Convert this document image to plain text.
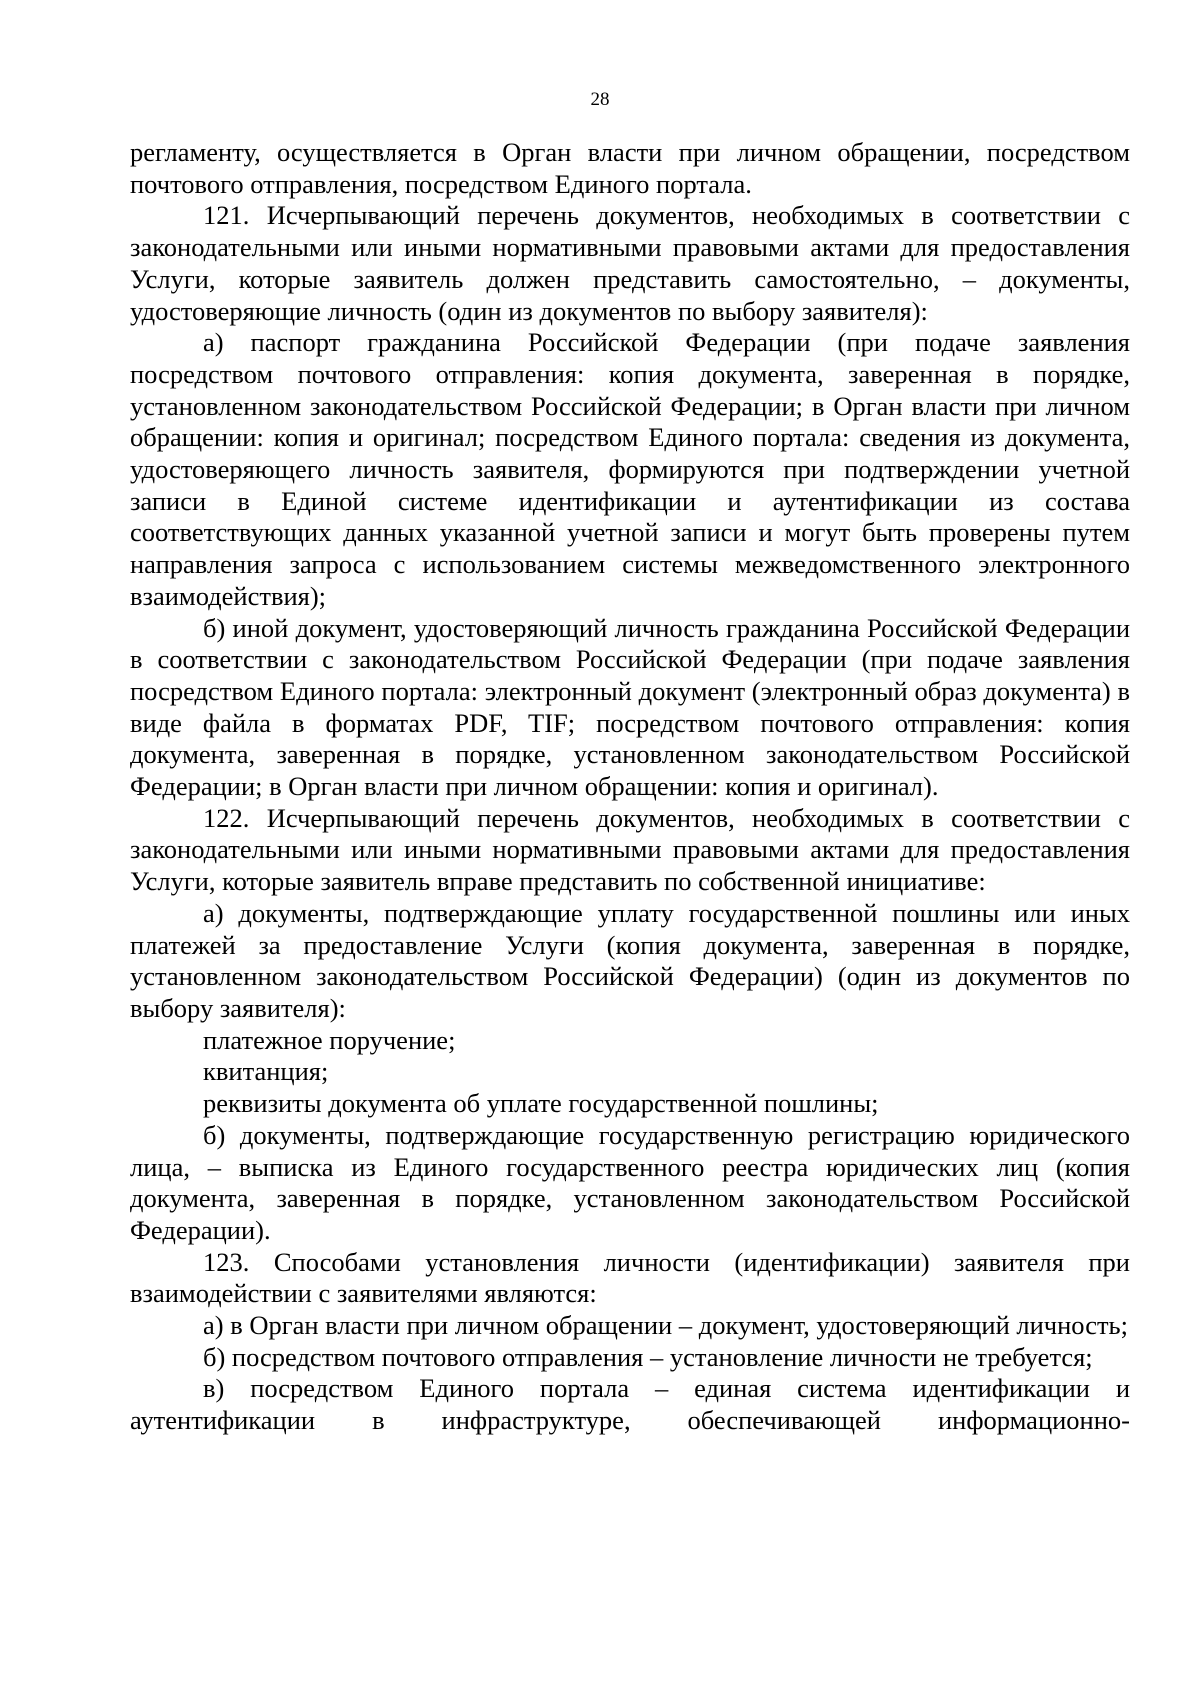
28

регламенту, осуществляется в Орган власти при личном обращении, посредством почтового отправления, посредством Единого портала.

121. Исчерпывающий перечень документов, необходимых в соответствии с законодательными или иными нормативными правовыми актами для предоставления Услуги, которые заявитель должен представить самостоятельно, – документы, удостоверяющие личность (один из документов по выбору заявителя):

а) паспорт гражданина Российской Федерации (при подаче заявления посредством почтового отправления: копия документа, заверенная в порядке, установленном законодательством Российской Федерации; в Орган власти при личном обращении: копия и оригинал; посредством Единого портала: сведения из документа, удостоверяющего личность заявителя, формируются при подтверждении учетной записи в Единой системе идентификации и аутентификации из состава соответствующих данных указанной учетной записи и могут быть проверены путем направления запроса с использованием системы межведомственного электронного взаимодействия);

б) иной документ, удостоверяющий личность гражданина Российской Федерации в соответствии с законодательством Российской Федерации (при подаче заявления посредством Единого портала: электронный документ (электронный образ документа) в виде файла в форматах PDF, TIF; посредством почтового отправления: копия документа, заверенная в порядке, установленном законодательством Российской Федерации; в Орган власти при личном обращении: копия и оригинал).

122. Исчерпывающий перечень документов, необходимых в соответствии с законодательными или иными нормативными правовыми актами для предоставления Услуги, которые заявитель вправе представить по собственной инициативе:

а) документы, подтверждающие уплату государственной пошлины или иных платежей за предоставление Услуги (копия документа, заверенная в порядке, установленном законодательством Российской Федерации) (один из документов по выбору заявителя):

платежное поручение;

квитанция;

реквизиты документа об уплате государственной пошлины;

б) документы, подтверждающие государственную регистрацию юридического лица, – выписка из Единого государственного реестра юридических лиц (копия документа, заверенная в порядке, установленном законодательством Российской Федерации).

123. Способами установления личности (идентификации) заявителя при взаимодействии с заявителями являются:

а) в Орган власти при личном обращении – документ, удостоверяющий личность;

б) посредством почтового отправления – установление личности не требуется;

в) посредством Единого портала – единая система идентификации и аутентификации в инфраструктуре, обеспечивающей информационно-
